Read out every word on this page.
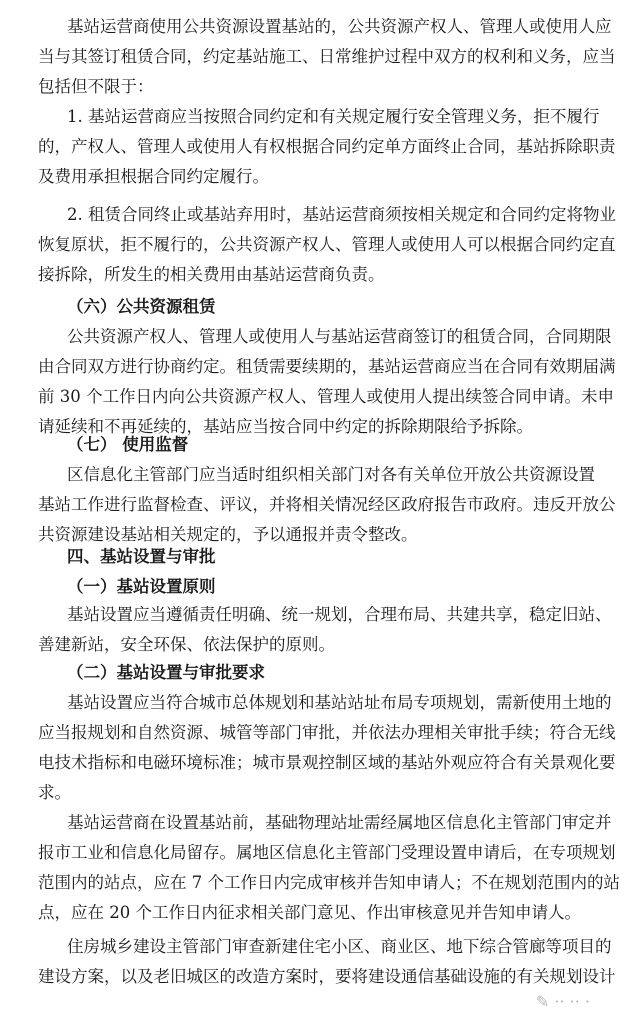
基站运营商使用公共资源设置基站的，公共资源产权人、管理人或使用人应
当与其签订租赁合同，约定基站施工、日常维护过程中双方的权利和义务，应当
包括但不限于：
1. 基站运营商应当按照合同约定和有关规定履行安全管理义务，拒不履行
的，产权人、管理人或使用人有权根据合同约定单方面终止合同，基站拆除职责
及费用承担根据合同约定履行。
2. 租赁合同终止或基站弃用时，基站运营商须按相关规定和合同约定将物业
恢复原状，拒不履行的，公共资源产权人、管理人或使用人可以根据合同约定直
接拆除，所发生的相关费用由基站运营商负责。
（六）公共资源租赁
公共资源产权人、管理人或使用人与基站运营商签订的租赁合同，合同期限
由合同双方进行协商约定。租赁需要续期的，基站运营商应当在合同有效期届满
前 30 个工作日内向公共资源产权人、管理人或使用人提出续签合同申请。未申
请延续和不再延续的，基站应当按合同中约定的拆除期限给予拆除。
（七） 使用监督
区信息化主管部门应当适时组织相关部门对各有关单位开放公共资源设置
基站工作进行监督检查、评议，并将相关情况经区政府报告市政府。违反开放公
共资源建设基站相关规定的，予以通报并责令整改。
四、基站设置与审批
（一）基站设置原则
基站设置应当遵循责任明确、统一规划，合理布局、共建共享，稳定旧站、
善建新站，安全环保、依法保护的原则。
（二）基站设置与审批要求
基站设置应当符合城市总体规划和基站站址布局专项规划，需新使用土地的
应当报规划和自然资源、城管等部门审批，并依法办理相关审批手续；符合无线
电技术指标和电磁环境标准；城市景观控制区域的基站外观应符合有关景观化要
求。
基站运营商在设置基站前，基础物理站址需经属地区信息化主管部门审定并
报市工业和信息化局留存。属地区信息化主管部门受理设置申请后，在专项规划
范围内的站点，应在 7 个工作日内完成审核并告知申请人；不在规划范围内的站
点，应在 20 个工作日内征求相关部门意见、作出审核意见并告知申请人。
住房城乡建设主管部门审查新建住宅小区、商业区、地下综合管廊等项目的
建设方案，以及老旧城区的改造方案时，要将建设通信基础设施的有关规划设计
✎ ·· ·· ·
